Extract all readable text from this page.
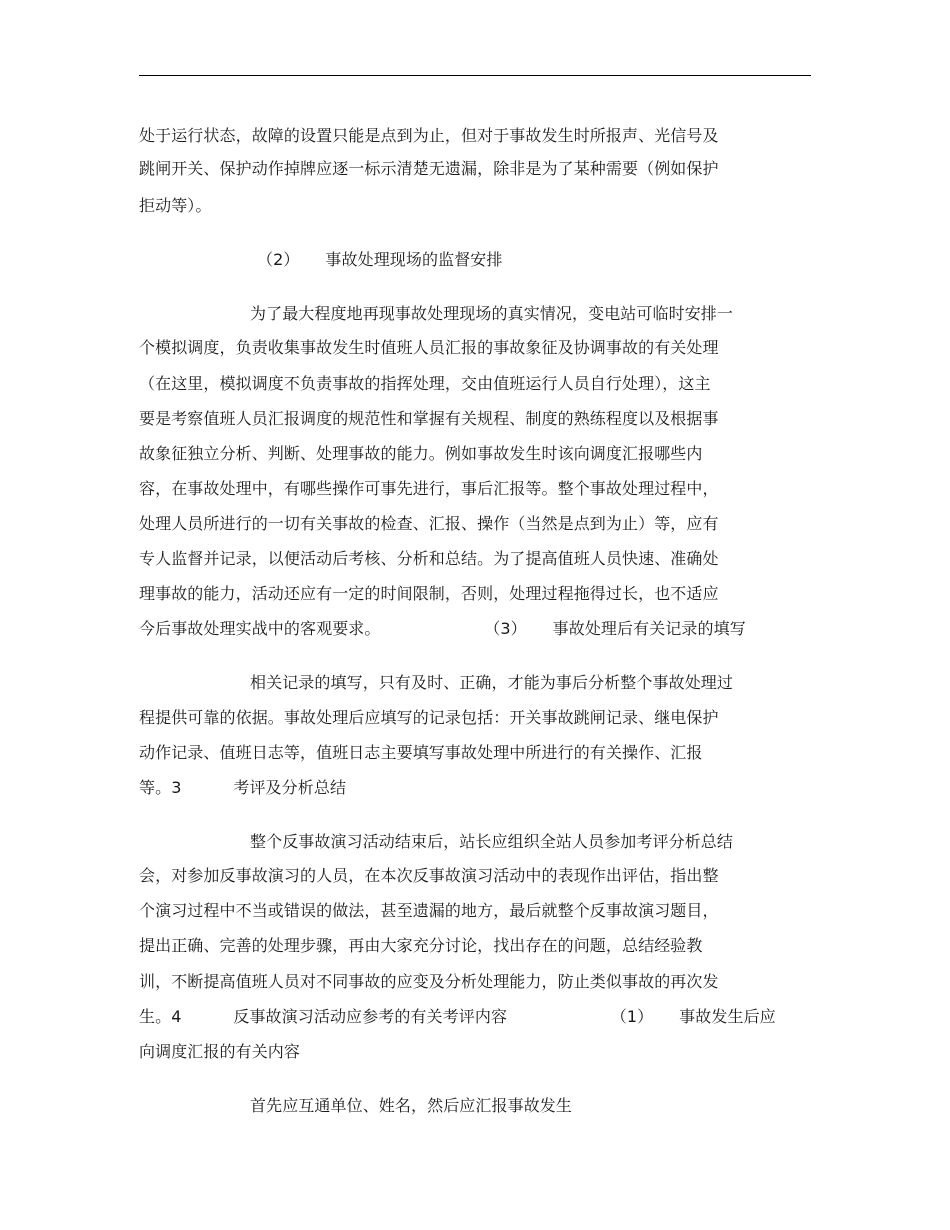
处于运行状态，故障的设置只能是点到为止，但对于事故发生时所报声、光信号及
跳闸开关、保护动作掉牌应逐一标示清楚无遗漏，除非是为了某种需要（例如保护
拒动等）。
（2）     事故处理现场的监督安排
为了最大程度地再现事故处理现场的真实情况，变电站可临时安排一
个模拟调度，负责收集事故发生时值班人员汇报的事故象征及协调事故的有关处理
（在这里，模拟调度不负责事故的指挥处理，交由值班运行人员自行处理），这主
要是考察值班人员汇报调度的规范性和掌握有关规程、制度的熟练程度以及根据事
故象征独立分析、判断、处理事故的能力。例如事故发生时该向调度汇报哪些内
容，在事故处理中，有哪些操作可事先进行，事后汇报等。整个事故处理过程中，
处理人员所进行的一切有关事故的检查、汇报、操作（当然是点到为止）等，应有
专人监督并记录，以便活动后考核、分析和总结。为了提高值班人员快速、准确处
理事故的能力，活动还应有一定的时间限制，否则，处理过程拖得过长，也不适应
今后事故处理实战中的客观要求。                    （3）     事故处理后有关记录的填写
相关记录的填写，只有及时、正确，才能为事后分析整个事故处理过
程提供可靠的依据。事故处理后应填写的记录包括：开关事故跳闸记录、继电保护
动作记录、值班日志等，值班日志主要填写事故处理中所进行的有关操作、汇报
等。3          考评及分析总结
整个反事故演习活动结束后，站长应组织全站人员参加考评分析总结
会，对参加反事故演习的人员，在本次反事故演习活动中的表现作出评估，指出整
个演习过程中不当或错误的做法，甚至遗漏的地方，最后就整个反事故演习题目，
提出正确、完善的处理步骤，再由大家充分讨论，找出存在的问题，总结经验教
训，不断提高值班人员对不同事故的应变及分析处理能力，防止类似事故的再次发
生。4          反事故演习活动应参考的有关考评内容                    （1）     事故发生后应
向调度汇报的有关内容
首先应互通单位、姓名，然后应汇报事故发生
